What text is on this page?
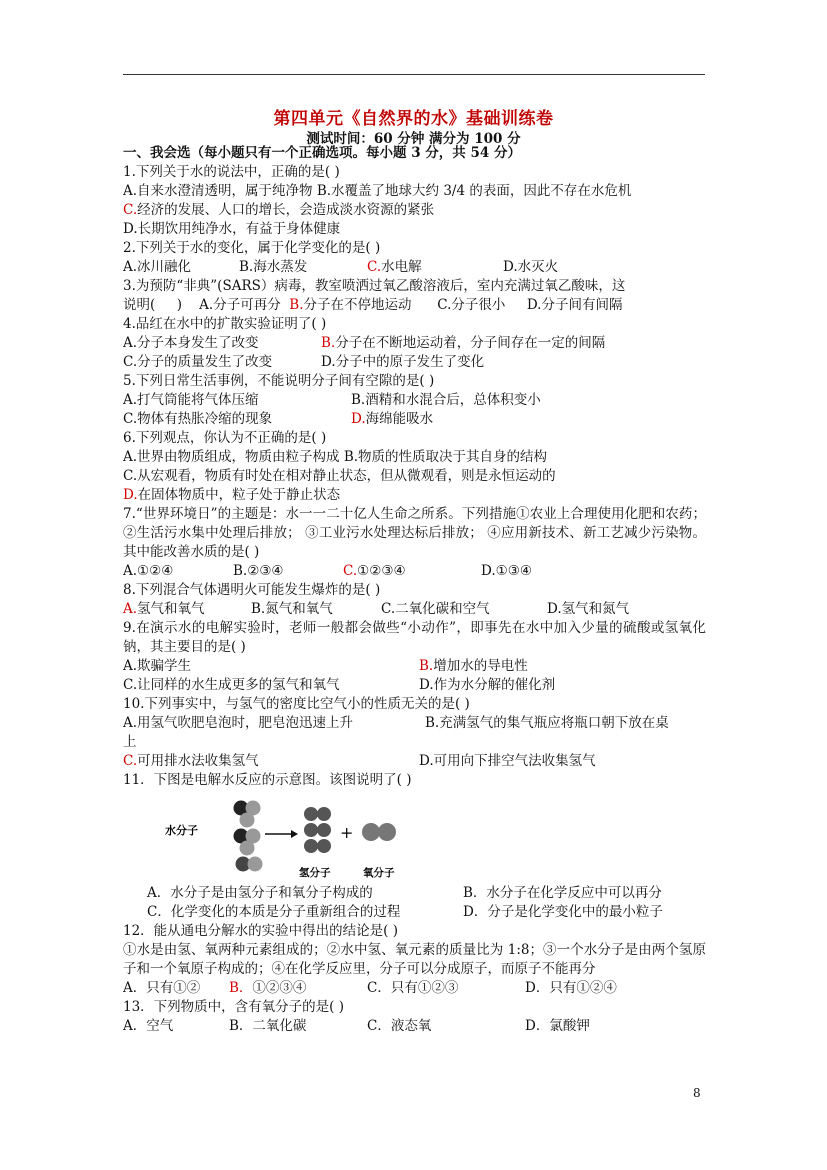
第四单元《自然界的水》基础训练卷
测试时间：60 分钟 满分为 100 分
一、我会选（每小题只有一个正确选项。每小题 3 分，共 54 分）
1.下列关于水的说法中，正确的是( )
A.自来水澄清透明，属于纯净物 B.水覆盖了地球大约 3/4 的表面，因此不存在水危机
C.经济的发展、人口的增长，会造成淡水资源的紧张
D.长期饮用纯净水，有益于身体健康
2.下列关于水的变化，属于化学变化的是( )
A.冰川融化	B.海水蒸发	C.水电解	D.水灭火
3.为预防“非典”(SARS）病毒，教室喷洒过氧乙酸溶液后，室内充满过氧乙酸味，这
说明(     )    A.分子可再分  B.分子在不停地运动      C.分子很小     D.分子间有间隔
4.品红在水中的扩散实验证明了( )
A.分子本身发生了改变	B.分子在不断地运动着，分子间存在一定的间隔
C.分子的质量发生了改变	D.分子中的原子发生了变化
5.下列日常生活事例，不能说明分子间有空隙的是( )
A.打气筒能将气体压缩	B.酒精和水混合后，总体积变小
C.物体有热胀冷缩的现象	D.海绵能吸水
6.下列观点，你认为不正确的是( )
A.世界由物质组成，物质由粒子构成 B.物质的性质取决于其自身的结构
C.从宏观看，物质有时处在相对静止状态，但从微观看，则是永恒运动的
D.在固体物质中，粒子处于静止状态
7.“世界环境日”的主题是：水一一二十亿人生命之所系。下列措施①农业上合理使用化肥和农药；②生活污水集中处理后排放； ③工业污水处理达标后排放； ④应用新技术、新工艺减少污染物。其中能改善水质的是( )
A.①②④	B.②③④	C.①②③④	D.①③④
8.下列混合气体遇明火可能发生爆炸的是( )
A.氢气和氧气	B.氮气和氧气	C.二氧化碳和空气	D.氢气和氮气
9.在演示水的电解实验时，老师一般都会做些“小动作”，即事先在水中加入少量的硫酸或氢氧化钠，其主要目的是( )
A.欺骗学生	B.增加水的导电性
C.让同样的水生成更多的氢气和氧气	D.作为水分解的催化剂
10.下列事实中，与氢气的密度比空气小的性质无关的是( )
A.用氢气吹肥皂泡时，肥皂泡迅速上升	B.充满氢气的集气瓶应将瓶口朝下放在桌
上
C.可用排水法收集氢气	D.可用向下排空气法收集氢气
11．下图是电解水反应的示意图。该图说明了( )
水分子	+
氢分子	氧分子
A．水分子是由氢分子和氧分子构成的	B．水分子在化学反应中可以再分
C．化学变化的本质是分子重新组合的过程	D．分子是化学变化中的最小粒子
12．能从通电分解水的实验中得出的结论是( )
①水是由氢、氧两种元素组成的；②水中氢、氧元素的质量比为 1:8；③一个水分子是由两个氢原子和一个氧原子构成的；④在化学反应里，分子可以分成原子，而原子不能再分
A．只有①②	B．①②③④	C．只有①②③	D．只有①②④
13．下列物质中，含有氧分子的是( )
A．空气	B．二氧化碳	C．液态氧	D．氯酸钾
8
